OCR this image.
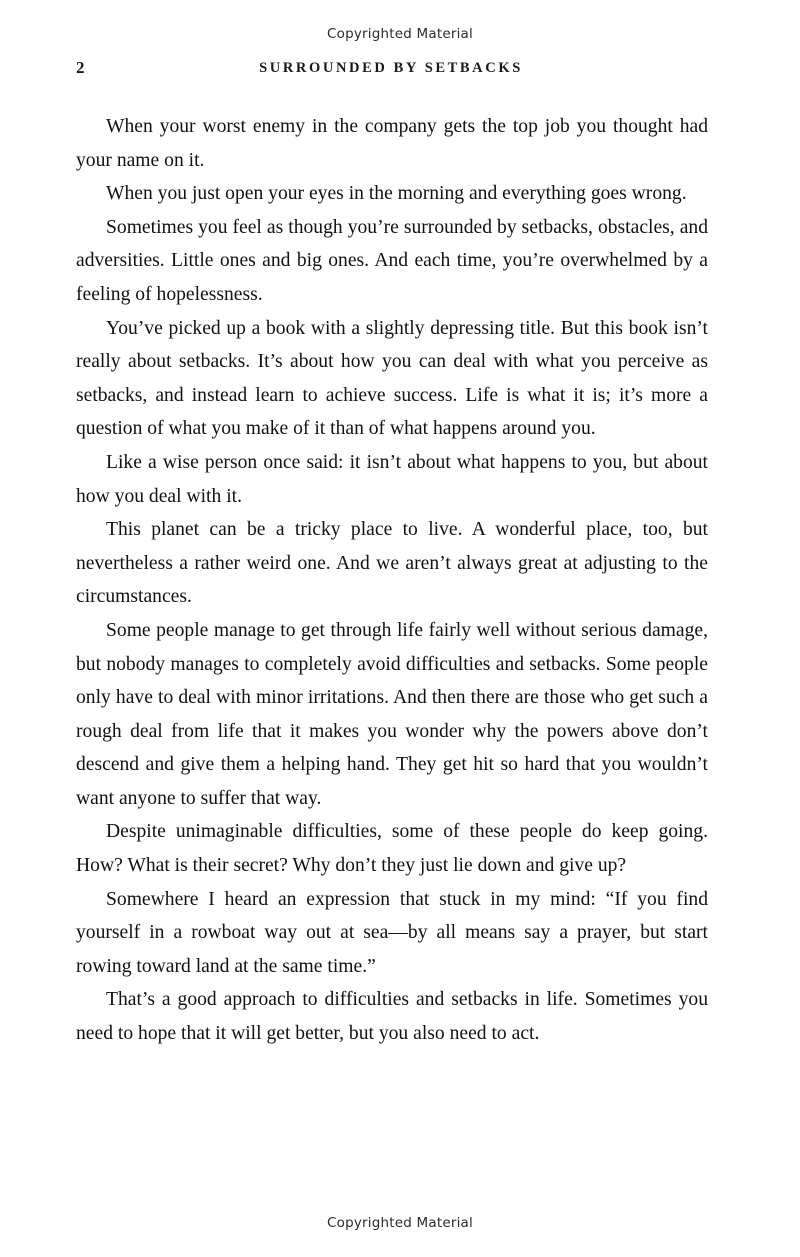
Copyrighted Material
2	SURROUNDED BY SETBACKS

When your worst enemy in the company gets the top job you thought had your name on it.

When you just open your eyes in the morning and everything goes wrong.

Sometimes you feel as though you’re surrounded by setbacks, obstacles, and adversities. Little ones and big ones. And each time, you’re overwhelmed by a feeling of hopelessness.

You’ve picked up a book with a slightly depressing title. But this book isn’t really about setbacks. It’s about how you can deal with what you perceive as setbacks, and instead learn to achieve success. Life is what it is; it’s more a question of what you make of it than of what happens around you.

Like a wise person once said: it isn’t about what happens to you, but about how you deal with it.

This planet can be a tricky place to live. A wonderful place, too, but nevertheless a rather weird one. And we aren’t always great at adjusting to the circumstances.

Some people manage to get through life fairly well without serious damage, but nobody manages to completely avoid difficulties and setbacks. Some people only have to deal with minor irritations. And then there are those who get such a rough deal from life that it makes you wonder why the powers above don’t descend and give them a helping hand. They get hit so hard that you wouldn’t want anyone to suffer that way.

Despite unimaginable difficulties, some of these people do keep going. How? What is their secret? Why don’t they just lie down and give up?

Somewhere I heard an expression that stuck in my mind: “If you find yourself in a rowboat way out at sea—by all means say a prayer, but start rowing toward land at the same time.”

That’s a good approach to difficulties and setbacks in life. Sometimes you need to hope that it will get better, but you also need to act.

Copyrighted Material
